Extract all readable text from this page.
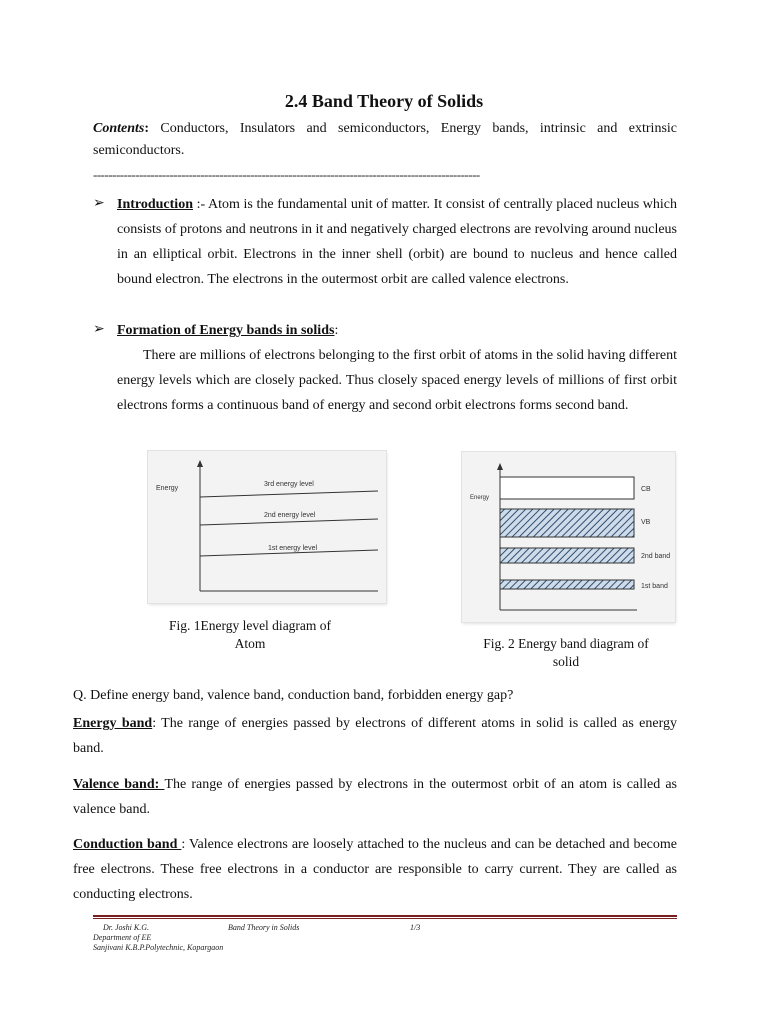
2.4 Band Theory of Solids
Contents: Conductors, Insulators and semiconductors, Energy bands, intrinsic and extrinsic semiconductors.
-----------------------------------------------------------------------------------------------------
➢ Introduction :- Atom is the fundamental unit of matter. It consist of centrally placed nucleus which consists of protons and neutrons in it and negatively charged electrons are revolving around nucleus in an elliptical orbit. Electrons in the inner shell (orbit) are bound to nucleus and hence called bound electron. The electrons in the outermost orbit are called valence electrons.
➢ Formation of Energy bands in solids:
There are millions of electrons belonging to the first orbit of atoms in the solid having different energy levels which are closely packed. Thus closely spaced energy levels of millions of first orbit electrons forms a continuous band of energy and second orbit electrons forms second band.
Energy
3rd energy level
2nd energy level
1st energy level
Fig. 1Energy level diagram of
Atom
Energy
CB
VB
2nd band
1st band
Fig. 2 Energy band diagram of
solid
Q. Define energy band, valence band, conduction band, forbidden energy gap?
Energy band: The range of energies passed by electrons of different atoms in solid is called as energy band.
Valence band: The range of energies passed by electrons in the outermost orbit of an atom is called as valence band.
Conduction band : Valence electrons are loosely attached to the nucleus and can be detached and become free electrons. These free electrons in a conductor are responsible to carry current. They are called as conducting electrons.
Dr. Joshi K.G.	Band Theory in Solids	1/3
Department of EE
Sanjivani K.B.P.Polytechnic, Kopargaon
